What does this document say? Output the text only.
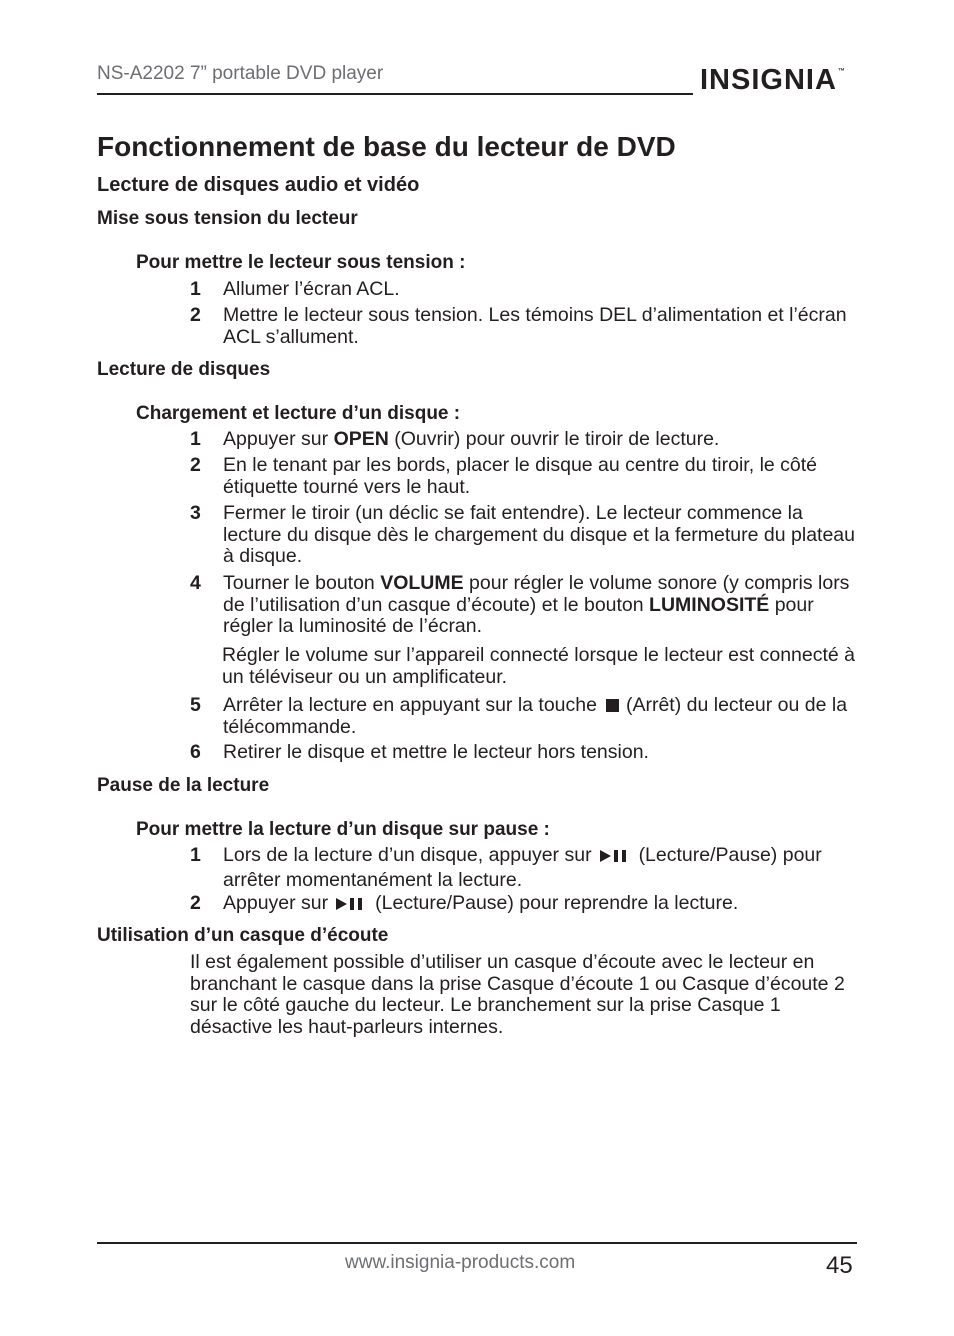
NS-A2202 7” portable DVD player	INSIGNIA™
Fonctionnement de base du lecteur de DVD
Lecture de disques audio et vidéo
Mise sous tension du lecteur
Pour mettre le lecteur sous tension :
1 Allumer l’écran ACL.
2 Mettre le lecteur sous tension. Les témoins DEL d’alimentation et l’écran ACL s’allument.
Lecture de disques
Chargement et lecture d’un disque :
1 Appuyer sur OPEN (Ouvrir) pour ouvrir le tiroir de lecture.
2 En le tenant par les bords, placer le disque au centre du tiroir, le côté étiquette tourné vers le haut.
3 Fermer le tiroir (un déclic se fait entendre). Le lecteur commence la lecture du disque dès le chargement du disque et la fermeture du plateau à disque.
4 Tourner le bouton VOLUME pour régler le volume sonore (y compris lors de l’utilisation d’un casque d’écoute) et le bouton LUMINOSITÉ pour régler la luminosité de l’écran.
Régler le volume sur l’appareil connecté lorsque le lecteur est connecté à un téléviseur ou un amplificateur.
5 Arrêter la lecture en appuyant sur la touche (Arrêt) du lecteur ou de la télécommande.
6 Retirer le disque et mettre le lecteur hors tension.
Pause de la lecture
Pour mettre la lecture d’un disque sur pause :
1 Lors de la lecture d’un disque, appuyer sur (Lecture/Pause) pour arrêter momentanément la lecture.
2 Appuyer sur (Lecture/Pause) pour reprendre la lecture.
Utilisation d’un casque d’écoute
Il est également possible d’utiliser un casque d’écoute avec le lecteur en branchant le casque dans la prise Casque d’écoute 1 ou Casque d’écoute 2 sur le côté gauche du lecteur. Le branchement sur la prise Casque 1 désactive les haut-parleurs internes.
www.insignia-products.com	45
